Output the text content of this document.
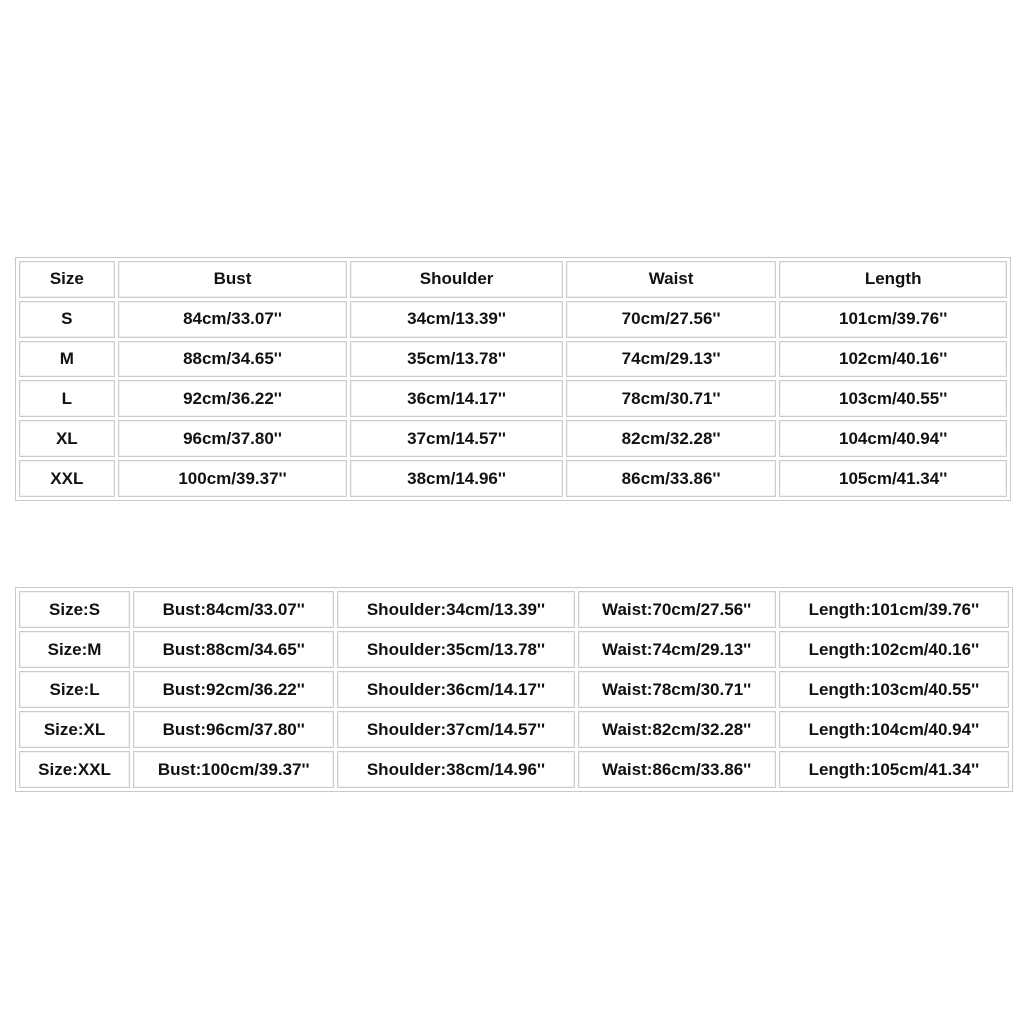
Size	Bust	Shoulder	Waist	Length
S	84cm/33.07''	34cm/13.39''	70cm/27.56''	101cm/39.76''
M	88cm/34.65''	35cm/13.78''	74cm/29.13''	102cm/40.16''
L	92cm/36.22''	36cm/14.17''	78cm/30.71''	103cm/40.55''
XL	96cm/37.80''	37cm/14.57''	82cm/32.28''	104cm/40.94''
XXL	100cm/39.37''	38cm/14.96''	86cm/33.86''	105cm/41.34''
Size:S	Bust:84cm/33.07''	Shoulder:34cm/13.39''	Waist:70cm/27.56''	Length:101cm/39.76''
Size:M	Bust:88cm/34.65''	Shoulder:35cm/13.78''	Waist:74cm/29.13''	Length:102cm/40.16''
Size:L	Bust:92cm/36.22''	Shoulder:36cm/14.17''	Waist:78cm/30.71''	Length:103cm/40.55''
Size:XL	Bust:96cm/37.80''	Shoulder:37cm/14.57''	Waist:82cm/32.28''	Length:104cm/40.94''
Size:XXL	Bust:100cm/39.37''	Shoulder:38cm/14.96''	Waist:86cm/33.86''	Length:105cm/41.34''
